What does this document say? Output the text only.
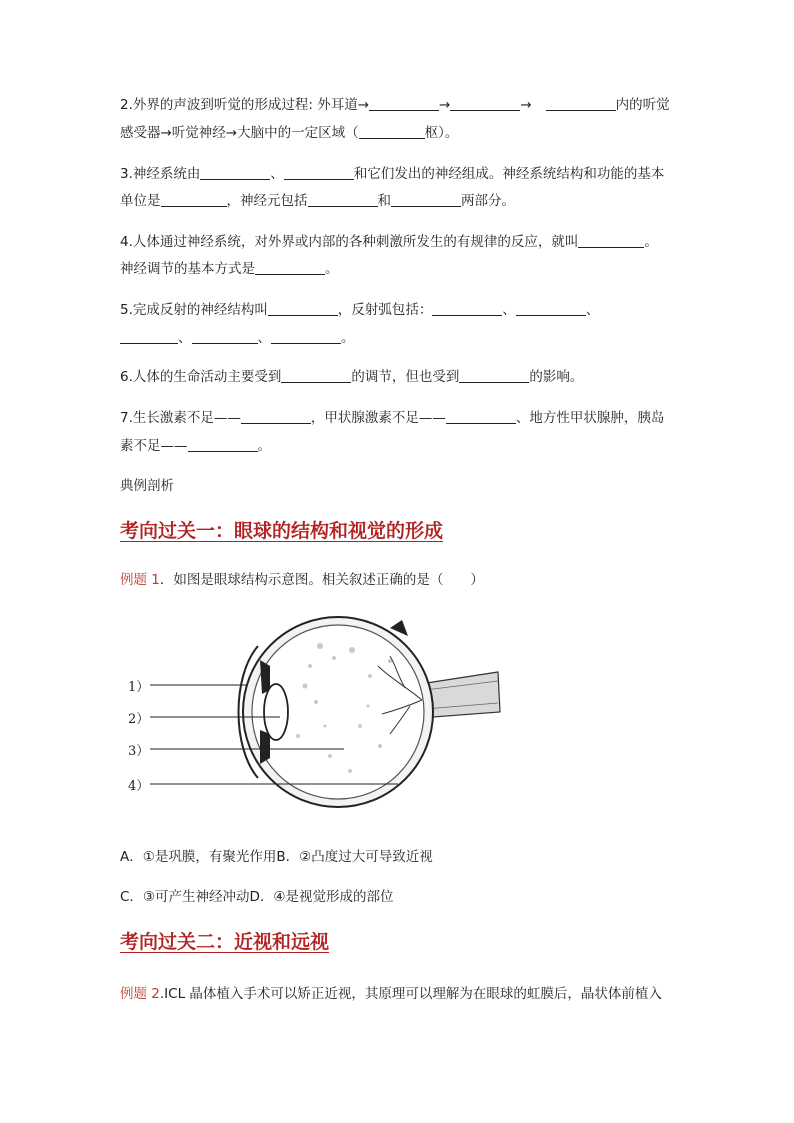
2.外界的声波到听觉的形成过程: 外耳道→	→	→	内的听觉
感受器→听觉神经→大脑中的一定区域（	枢）。
3.神经系统由	、	和它们发出的神经组成。神经系统结构和功能的基本
单位是	，神经元包括	和	两部分。
4.人体通过神经系统，对外界或内部的各种刺激所发生的有规律的反应，就叫	。
神经调节的基本方式是	。
5.完成反射的神经结构叫	，反射弧包括：	、	、
、	、	。
6.人体的生命活动主要受到	的调节，但也受到	的影响。
7.生长激素不足——	，甲状腺激素不足——	、地方性甲状腺肿，胰岛
素不足——	。
典例剖析
考向过关一：眼球的结构和视觉的形成
例题 1．如图是眼球结构示意图。相关叙述正确的是（　　）
1）
2）
3）
4）
A．①是巩膜，有聚光作用B．②凸度过大可导致近视
C．③可产生神经冲动D．④是视觉形成的部位
考向过关二：近视和远视
例题 2.ICL 晶体植入手术可以矫正近视，其原理可以理解为在眼球的虹膜后，晶状体前植入
